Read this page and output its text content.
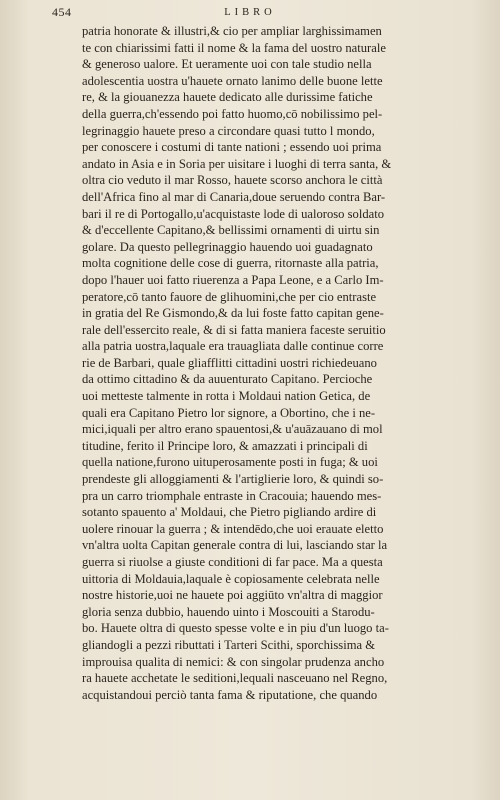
454	LIBRO
patria honorate & illustri,& cio per ampliar larghissimamen
te con chiarissimi fatti il nome & la fama del uostro naturale
& generoso ualore. Et ueramente uoi con tale studio nella
adolescentia uostra u'hauete ornato lanimo delle buone lette
re, & la giouanezza hauete dedicato alle durissime fatiche
della guerra,ch'essendo poi fatto huomo,cō nobilissimo pel-
legrinaggio hauete preso a circondare quasi tutto l mondo,
per conoscere i costumi di tante nationi ; essendo uoi prima
andato in Asia e in Soria per uisitare i luoghi di terra santa, &
oltra cio veduto il mar Rosso, hauete scorso anchora le città
dell'Africa fino al mar di Canaria,doue seruendo contra Bar-
bari il re di Portogallo,u'acquistaste lode di ualoroso soldato
& d'eccellente Capitano,& bellissimi ornamenti di uirtu sin
golare. Da questo pellegrinaggio hauendo uoi guadagnato
molta cognitione delle cose di guerra, ritornaste alla patria,
dopo l'hauer uoi fatto riuerenza a Papa Leone, e a Carlo Im-
peratore,cō tanto fauore de glihuomini,che per cio entraste
in gratia del Re Gismondo,& da lui foste fatto capitan gene-
rale dell'essercito reale, & di si fatta maniera faceste seruitio
alla patria uostra,laquale era trauagliata dalle continue corre
rie de Barbari, quale gliafflitti cittadini uostri richiedeuano
da ottimo cittadino & da auuenturato Capitano. Percioche
uoi metteste talmente in rotta i Moldaui nation Getica, de
quali era Capitano Pietro lor signore, a Obortino, che i ne-
mici,iquali per altro erano spauentosi,& u'auāzauano di mol
titudine, ferito il Principe loro, & amazzati i principali di
quella natione,furono uituperosamente posti in fuga; & uoi
prendeste gli alloggiamenti & l'artiglierie loro, & quindi so-
pra un carro triomphale entraste in Cracouia; hauendo mes-
sotanto spauento a' Moldaui, che Pietro pigliando ardire di
uolere rinouar la guerra ; & intendēdo,che uoi erauate eletto
vn'altra uolta Capitan generale contra di lui, lasciando star la
guerra si riuolse a giuste conditioni di far pace. Ma a questa
uittoria di Moldauia,laquale è copiosamente celebrata nelle
nostre historie,uoi ne hauete poi aggiūto vn'altra di maggior
gloria senza dubbio, hauendo uinto i Moscouiti a Starodu-
bo. Hauete oltra di questo spesse volte e in piu d'un luogo ta-
gliandogli a pezzi ributtati i Tarteri Scithi, sporchissima &
improuisa qualita di nemici: & con singolar prudenza ancho
ra hauete acchetate le seditioni,lequali nasceuano nel Regno,
acquistandoui perciò tanta fama & riputatione, che quando
